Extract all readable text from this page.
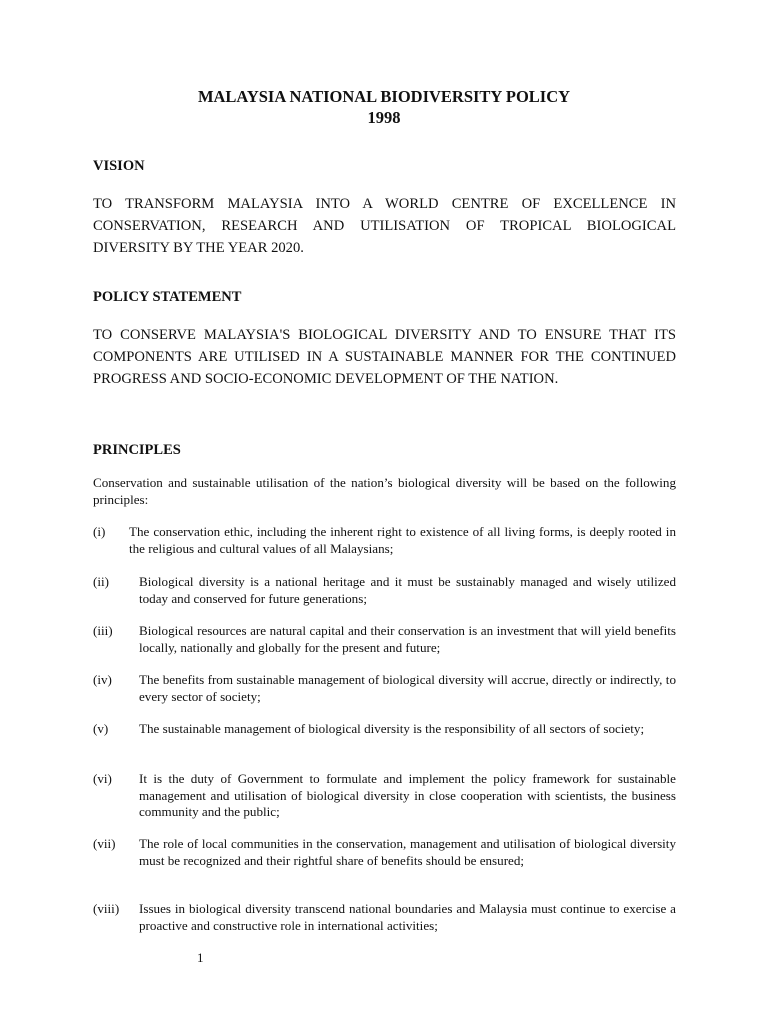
MALAYSIA NATIONAL BIODIVERSITY POLICY
1998
VISION
TO TRANSFORM MALAYSIA INTO A WORLD CENTRE OF EXCELLENCE IN CONSERVATION, RESEARCH AND UTILISATION OF TROPICAL BIOLOGICAL DIVERSITY BY THE YEAR 2020.
POLICY STATEMENT
TO CONSERVE MALAYSIA'S BIOLOGICAL DIVERSITY AND TO ENSURE THAT ITS COMPONENTS ARE UTILISED IN A SUSTAINABLE MANNER FOR THE CONTINUED PROGRESS AND SOCIO-ECONOMIC DEVELOPMENT OF THE NATION.
PRINCIPLES
Conservation and sustainable utilisation of the nation’s biological diversity will be based on the following principles:
(i) The conservation ethic, including the inherent right to existence of all living forms, is deeply rooted in the religious and cultural values of all Malaysians;
(ii) Biological diversity is a national heritage and it must be sustainably managed and wisely utilized today and conserved for future generations;
(iii) Biological resources are natural capital and their conservation is an investment that will yield benefits locally, nationally and globally for the present and future;
(iv) The benefits from sustainable management of biological diversity will accrue, directly or indirectly, to every sector of society;
(v) The sustainable management of biological diversity is the responsibility of all sectors of society;
(vi) It is the duty of Government to formulate and implement the policy framework for sustainable management and utilisation of biological diversity in close cooperation with scientists, the business community and the public;
(vii) The role of local communities in the conservation, management and utilisation of biological diversity must be recognized and their rightful share of benefits should be ensured;
(viii) Issues in biological diversity transcend national boundaries and Malaysia must continue to exercise a proactive and constructive role in international activities;
1
